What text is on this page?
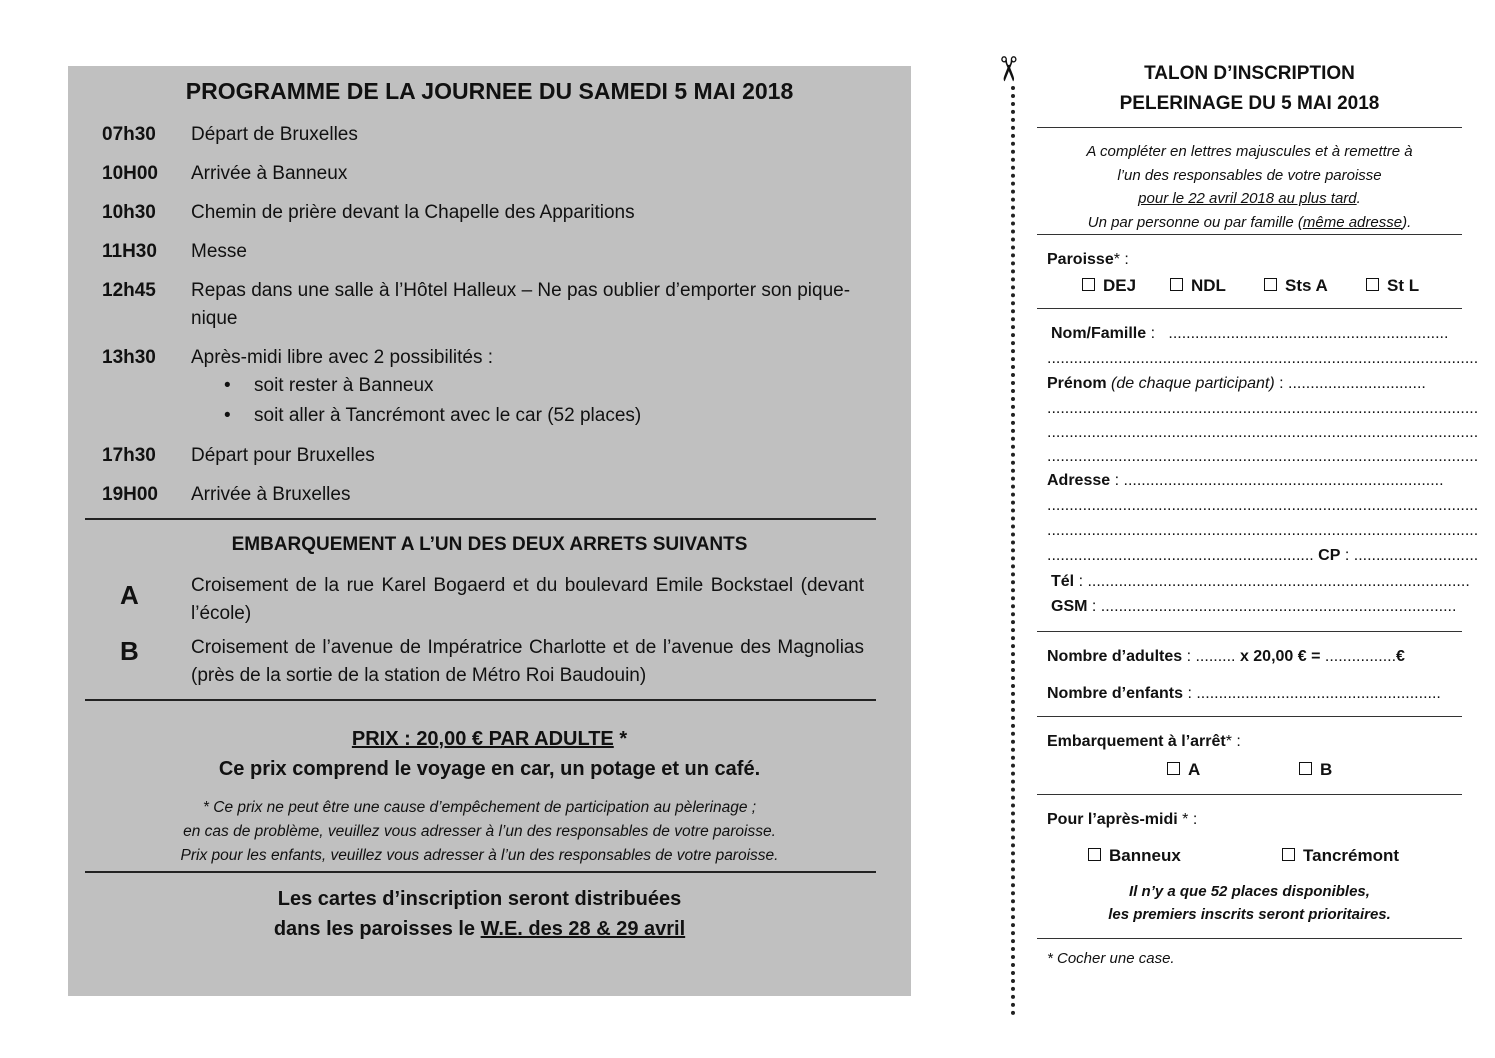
PROGRAMME DE LA JOURNEE DU SAMEDI 5 MAI 2018
07h30 Départ de Bruxelles
10H00 Arrivée à Banneux
10h30 Chemin de prière devant la Chapelle des Apparitions
11H30 Messe
12h45 Repas dans une salle à l’Hôtel Halleux – Ne pas oublier d’emporter son pique-nique
13h30 Après-midi libre avec 2 possibilités :
• soit rester à Banneux
• soit aller à Tancrémont avec le car (52 places)
17h30 Départ pour Bruxelles
19H00 Arrivée à Bruxelles
EMBARQUEMENT A L’UN DES DEUX ARRETS SUIVANTS
A	Croisement de la rue Karel Bogaerd et du boulevard Emile Bockstael (devant l’école)
B	Croisement de l’avenue de Impératrice Charlotte et de l’avenue des Magnolias (près de la sortie de la station de Métro Roi Baudouin)
PRIX : 20,00 € PAR ADULTE *
Ce prix comprend le voyage en car, un potage et un café.
* Ce prix ne peut être une cause d’empêchement de participation au pèlerinage ;
en cas de problème, veuillez vous adresser à l’un des responsables de votre paroisse.
Prix pour les enfants, veuillez vous adresser à l’un des responsables de votre paroisse.
Les cartes d’inscription seront distribuées
dans les paroisses le W.E. des 28 & 29 avril
✂	TALON D’INSCRIPTION
PELERINAGE DU 5 MAI 2018
A compléter en lettres majuscules et à remettre à
l’un des responsables de votre paroisse
pour le 22 avril 2018 au plus tard.
Un par personne ou par famille (même adresse).
Paroisse* :
DEJ	NDL	Sts A	St L
Nom/Famille :   ...............................................................
.................................................................................................
Prénom (de chaque participant) : ...............................
.................................................................................................
.................................................................................................
.................................................................................................
Adresse : ........................................................................
.................................................................................................
.................................................................................................
............................................................ CP : ............................
Tél : ......................................................................................
GSM : ................................................................................
Nombre d’adultes : ......... x 20,00 € = ................€
Nombre d’enfants : .......................................................
Embarquement à l’arrêt* :
A	B
Pour l’après-midi * :
Banneux	Tancrémont
Il n’y a que 52 places disponibles,
les premiers inscrits seront prioritaires.
* Cocher une case.
